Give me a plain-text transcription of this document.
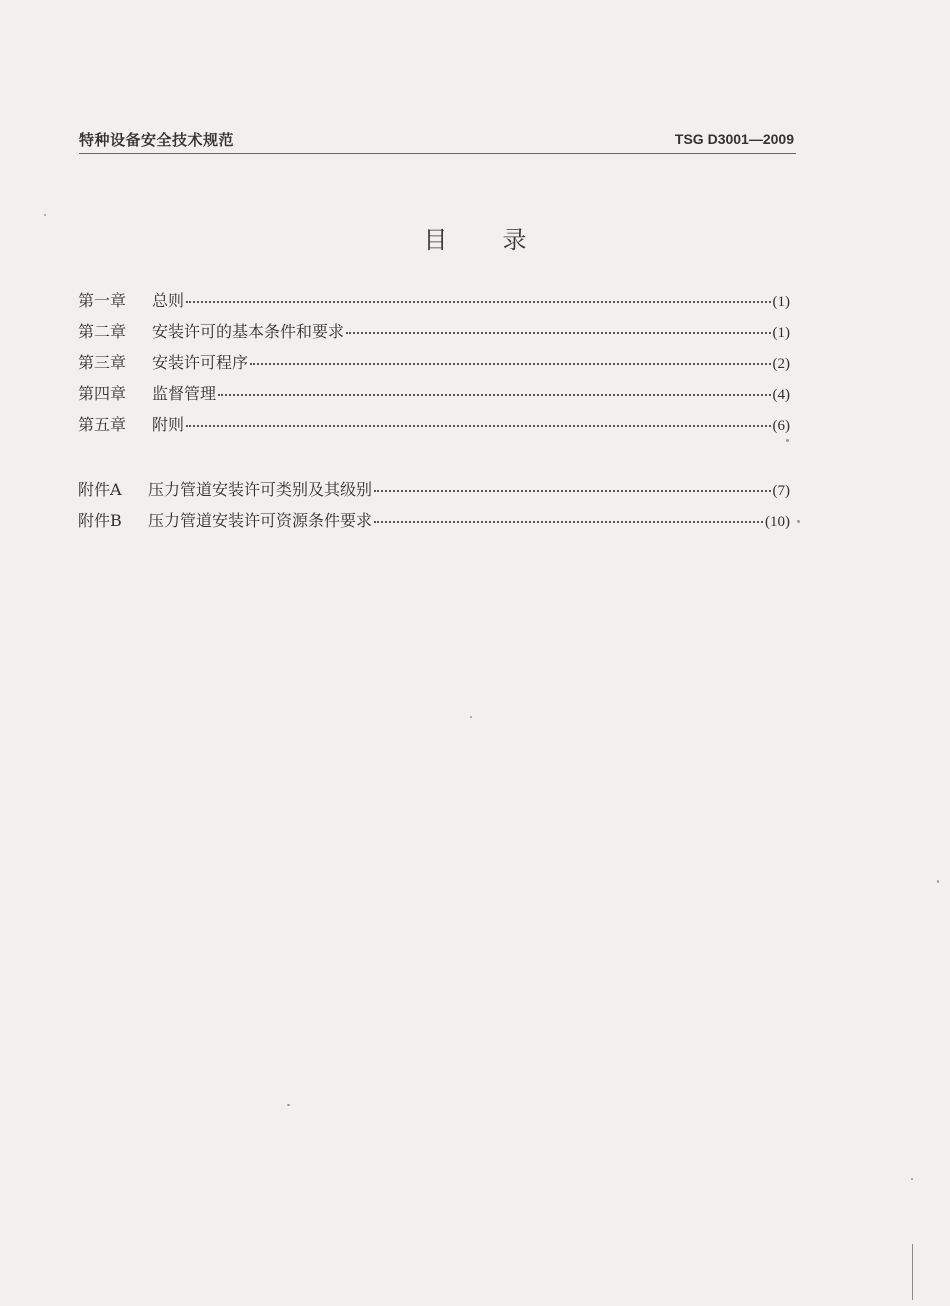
特种设备安全技术规范	TSG D3001—2009
目录
第一章	总则	(1)
第二章	安装许可的基本条件和要求	(1)
第三章	安装许可程序	(2)
第四章	监督管理	(4)
第五章	附则	(6)
附件A	压力管道安装许可类别及其级别	(7)
附件B	压力管道安装许可资源条件要求	(10)
